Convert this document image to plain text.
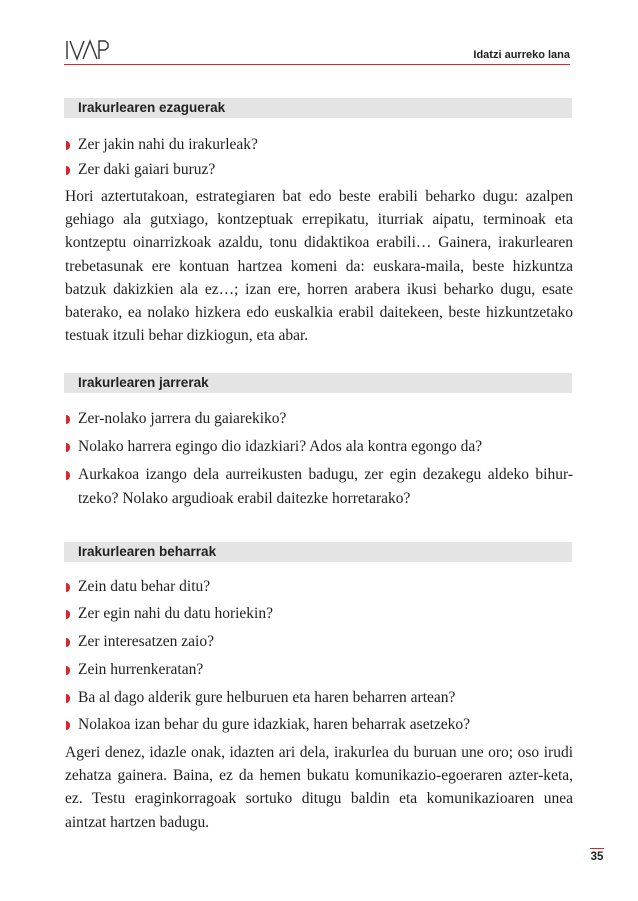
Idatzi aurreko lana
Irakurlearen ezaguerak
Zer jakin nahi du irakurleak?
Zer daki gaiari buruz?
Hori aztertutakoan, estrategiaren bat edo beste erabili beharko dugu: azalpen gehiago ala gutxiago, kontzeptuak errepikatu, iturriak aipatu, terminoak eta kontzeptu oinarrizkoak azaldu, tonu didaktikoa erabili… Gainera, irakurlearen trebetasunak ere kontuan hartzea komeni da: euskara-maila, beste hizkuntza batzuk dakizkien ala ez…; izan ere, horren arabera ikusi beharko dugu, esate baterako, ea nolako hizkera edo euskalkia erabil daitekeen, beste hizkuntzetako testuak itzuli behar dizkiogun, eta abar.
Irakurlearen jarrerak
Zer-nolako jarrera du gaiarekiko?
Nolako harrera egingo dio idazkiari? Ados ala kontra egongo da?
Aurkakoa izango dela aurreikusten badugu, zer egin dezakegu aldeko bihur-tzeko? Nolako argudioak erabil daitezke horretarako?
Irakurlearen beharrak
Zein datu behar ditu?
Zer egin nahi du datu horiekin?
Zer interesatzen zaio?
Zein hurrenkeratan?
Ba al dago alderik gure helburuen eta haren beharren artean?
Nolakoa izan behar du gure idazkiak, haren beharrak asetzeko?
Ageri denez, idazle onak, idazten ari dela, irakurlea du buruan une oro; oso irudi zehatza gainera. Baina, ez da hemen bukatu komunikazio-egoeraren azter-keta, ez. Testu eraginkorragoak sortuko ditugu baldin eta komunikazioaren unea aintzat hartzen badugu.
35
